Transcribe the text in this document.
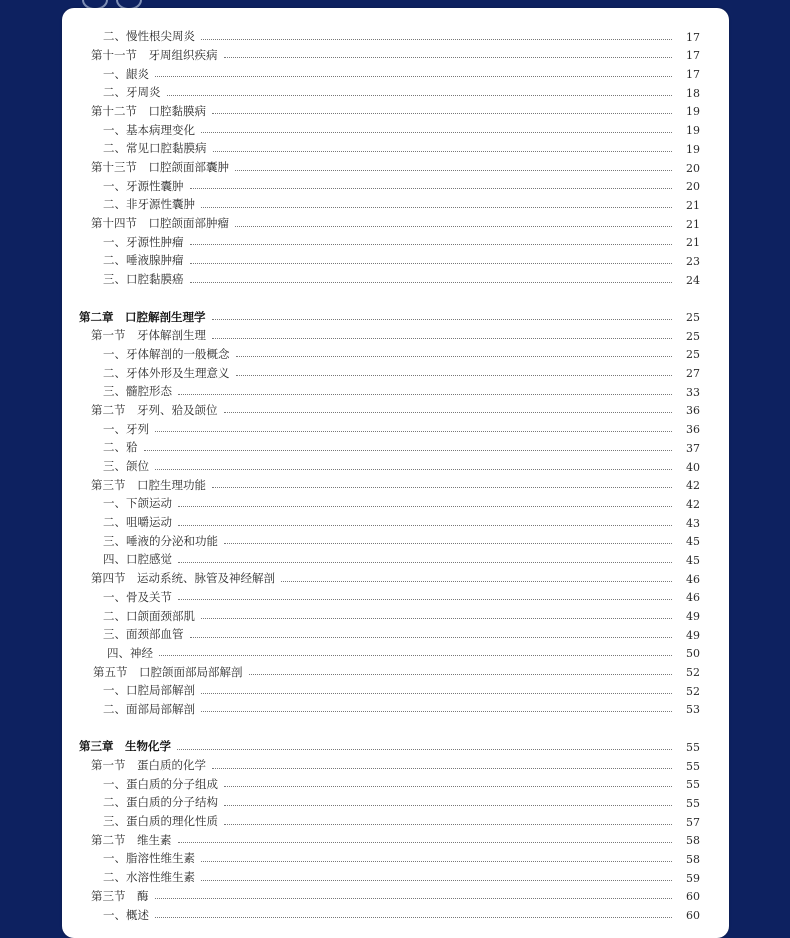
二、慢性根尖周炎	17
第十一节　牙周组织疾病	17
一、龈炎	17
二、牙周炎	18
第十二节　口腔黏膜病	19
一、基本病理变化	19
二、常见口腔黏膜病	19
第十三节　口腔颌面部囊肿	20
一、牙源性囊肿	20
二、非牙源性囊肿	21
第十四节　口腔颌面部肿瘤	21
一、牙源性肿瘤	21
二、唾液腺肿瘤	23
三、口腔黏膜癌	24
第二章　口腔解剖生理学	25
第一节　牙体解剖生理	25
一、牙体解剖的一般概念	25
二、牙体外形及生理意义	27
三、髓腔形态	33
第二节　牙列、𬌗及颌位	36
一、牙列	36
二、𬌗	37
三、颌位	40
第三节　口腔生理功能	42
一、下颌运动	42
二、咀嚼运动	43
三、唾液的分泌和功能	45
四、口腔感觉	45
第四节　运动系统、脉管及神经解剖	46
一、骨及关节	46
二、口颌面颈部肌	49
三、面颈部血管	49
四、神经	50
第五节　口腔颌面部局部解剖	52
一、口腔局部解剖	52
二、面部局部解剖	53
第三章　生物化学	55
第一节　蛋白质的化学	55
一、蛋白质的分子组成	55
二、蛋白质的分子结构	55
三、蛋白质的理化性质	57
第二节　维生素	58
一、脂溶性维生素	58
二、水溶性维生素	59
第三节　酶	60
一、概述	60
